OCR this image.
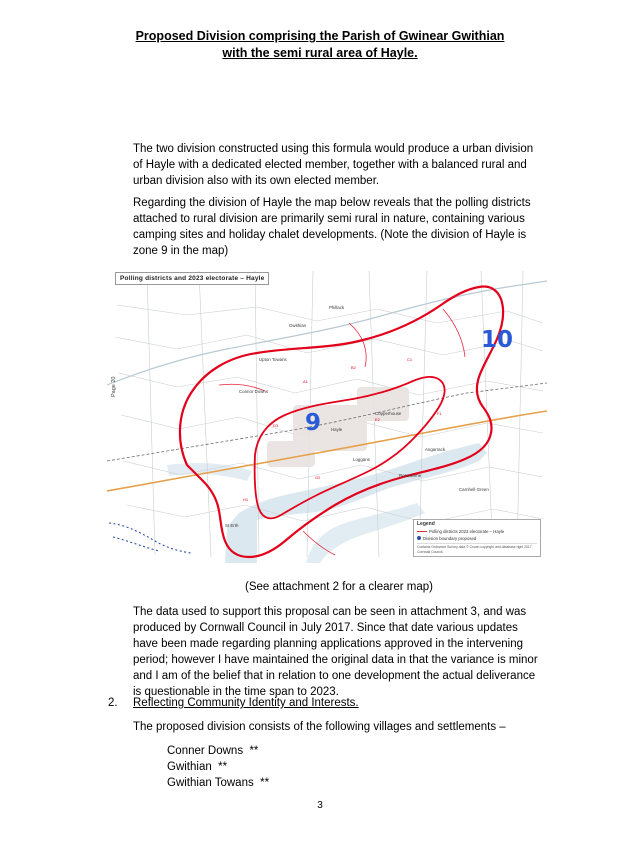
Proposed Division comprising the Parish of Gwinear Gwithian
with the semi rural area of Hayle.

The two division constructed using this formula would produce a urban division of Hayle with a dedicated elected member, together with a balanced rural and urban division also with its own elected member.

Regarding the division of Hayle the map below reveals that the polling districts attached to rural division are primarily semi rural in nature, containing various camping sites and holiday chalet developments. (Note the division of Hayle is zone 9 in the map)

A1
B2
C1
D3
E2
F1
G2
H1
Phillack
Hayle
Copperhouse
Angarrack
Connor Downs
Gwithian
Upton Towans
Carnhell Green
Loggans
Rosewarne
St Erth
Polling districts and 2023 electorate – Hayle
Page 20
9
10
Legend
Polling districts 2023 electorate – Hayle
Division boundary proposed
Contains Ordnance Survey data © Crown copyright and database right 2017. Cornwall Council.
(See attachment 2 for a clearer map)

The data used to support this proposal can be seen in attachment 3, and was produced by Cornwall Council in July 2017. Since that date various updates have been made regarding planning applications approved in the intervening period; however I have maintained the original data in that the variance is minor and I am of the belief that in relation to one development the actual deliverance is questionable in the time span to 2023.

2. Reflecting Community Identity and Interests.

The proposed division consists of the following villages and settlements –

Conner Downs  **
Gwithian  **
Gwithian Towans  **
3
